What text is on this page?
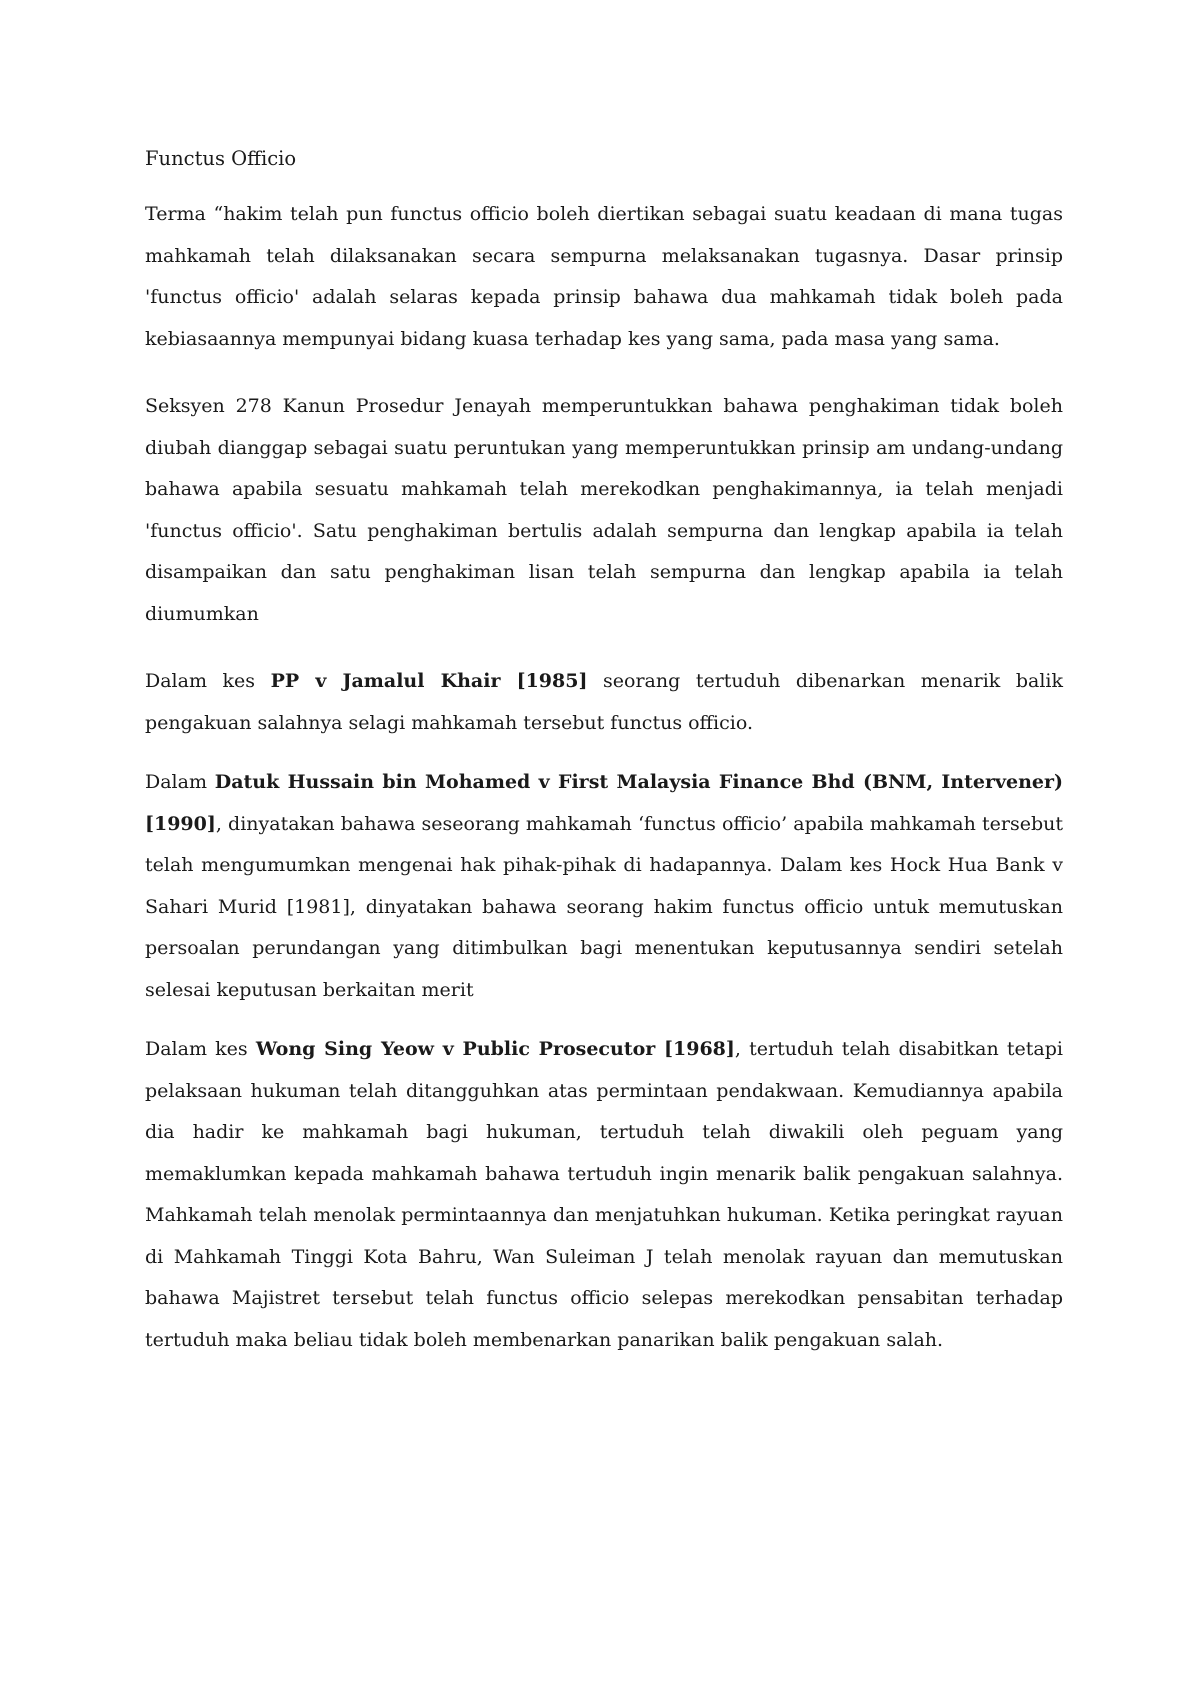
Functus Officio

Terma “hakim telah pun functus officio boleh diertikan sebagai suatu keadaan di mana tugas mahkamah telah dilaksanakan secara sempurna melaksanakan tugasnya. Dasar prinsip 'functus officio' adalah selaras kepada prinsip bahawa dua mahkamah tidak boleh pada kebiasaannya mempunyai bidang kuasa terhadap kes yang sama, pada masa yang sama.

Seksyen 278 Kanun Prosedur Jenayah memperuntukkan bahawa penghakiman tidak boleh diubah dianggap sebagai suatu peruntukan yang memperuntukkan prinsip am undang-undang bahawa apabila sesuatu mahkamah telah merekodkan penghakimannya, ia telah menjadi 'functus officio'. Satu penghakiman bertulis adalah sempurna dan lengkap apabila ia telah disampaikan dan satu penghakiman lisan telah sempurna dan lengkap apabila ia telah diumumkan

Dalam kes PP v Jamalul Khair [1985] seorang tertuduh dibenarkan menarik balik pengakuan salahnya selagi mahkamah tersebut functus officio.

Dalam Datuk Hussain bin Mohamed v First Malaysia Finance Bhd (BNM, Intervener) [1990], dinyatakan bahawa seseorang mahkamah ‘functus officio’ apabila mahkamah tersebut telah mengumumkan mengenai hak pihak-pihak di hadapannya. Dalam kes Hock Hua Bank v Sahari Murid [1981], dinyatakan bahawa seorang hakim functus officio untuk memutuskan persoalan perundangan yang ditimbulkan bagi menentukan keputusannya sendiri setelah selesai keputusan berkaitan merit

Dalam kes Wong Sing Yeow v Public Prosecutor [1968], tertuduh telah disabitkan tetapi pelaksaan hukuman telah ditangguhkan atas permintaan pendakwaan. Kemudiannya apabila dia hadir ke mahkamah bagi hukuman, tertuduh telah diwakili oleh peguam yang memaklumkan kepada mahkamah bahawa tertuduh ingin menarik balik pengakuan salahnya. Mahkamah telah menolak permintaannya dan menjatuhkan hukuman. Ketika peringkat rayuan di Mahkamah Tinggi Kota Bahru, Wan Suleiman J telah menolak rayuan dan memutuskan bahawa Majistret tersebut telah functus officio selepas merekodkan pensabitan terhadap tertuduh maka beliau tidak boleh membenarkan panarikan balik pengakuan salah.
